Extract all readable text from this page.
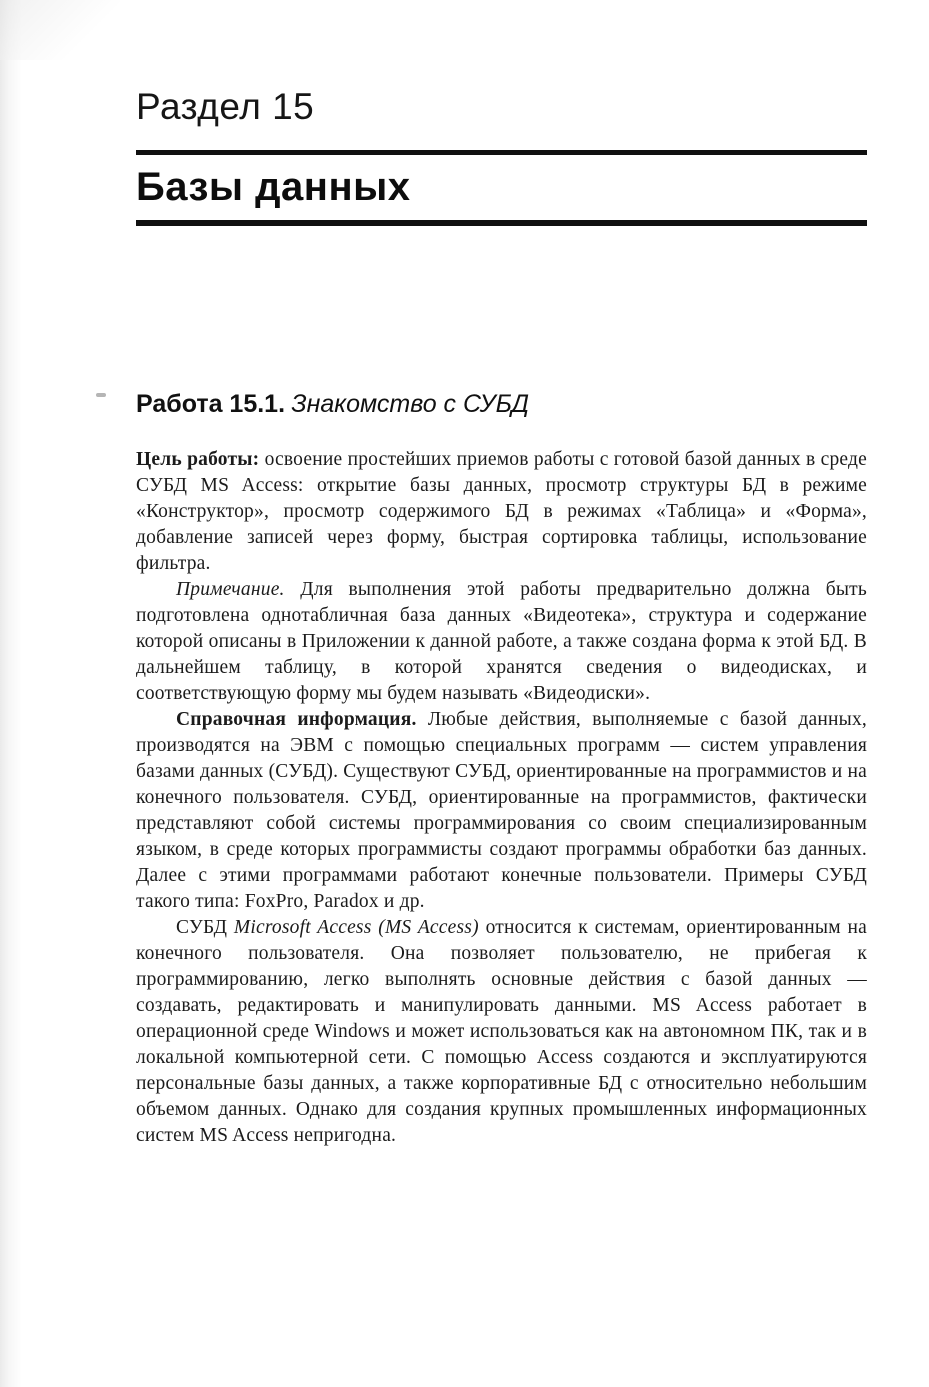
Раздел 15
Базы данных
Работа 15.1. Знакомство с СУБД

Цель работы: освоение простейших приемов работы с готовой базой данных в среде СУБД MS Access: открытие базы данных, просмотр структуры БД в режиме «Конструктор», просмотр содержимого БД в режимах «Таблица» и «Форма», добавление записей через форму, быстрая сортировка таблицы, использование фильтра.

Примечание. Для выполнения этой работы предварительно должна быть подготовлена однотабличная база данных «Видеотека», структура и содержание которой описаны в Приложении к данной работе, а также создана форма к этой БД. В дальнейшем таблицу, в которой хранятся сведения о видеодисках, и соответствующую форму мы будем называть «Видеодиски».

Справочная информация. Любые действия, выполняемые с базой данных, производятся на ЭВМ с помощью специальных программ — систем управления базами данных (СУБД). Существуют СУБД, ориентированные на программистов и на конечного пользователя. СУБД, ориентированные на программистов, фактически представляют собой системы программирования со своим специализированным языком, в среде которых программисты создают программы обработки баз данных. Далее с этими программами работают конечные пользователи. Примеры СУБД такого типа: FoxPro, Paradox и др.

СУБД Microsoft Access (MS Access) относится к системам, ориентированным на конечного пользователя. Она позволяет пользователю, не прибегая к программированию, легко выполнять основные действия с базой данных — создавать, редактировать и манипулировать данными. MS Access работает в операционной среде Windows и может использоваться как на автономном ПК, так и в локальной компьютерной сети. С помощью Access создаются и эксплуатируются персональные базы данных, а также корпоративные БД с относительно небольшим объемом данных. Однако для создания крупных промышленных информационных систем MS Access непригодна.
